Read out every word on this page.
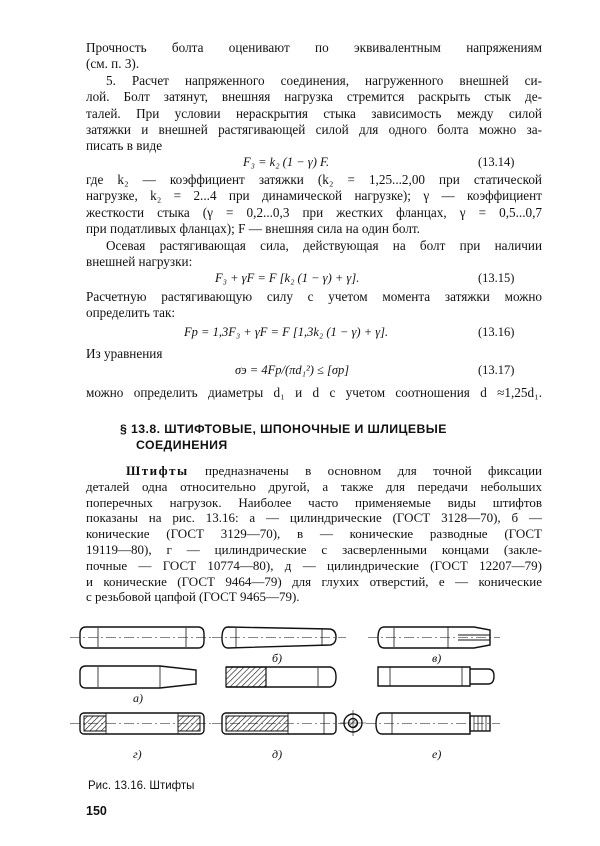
Прочность болта оценивают по эквивалентным напряжениям
(см. п. 3).
5. Расчет напряженного соединения, нагруженного внешней си-
лой. Болт затянут, внешняя нагрузка стремится раскрыть стык де-
талей. При условии нераскрытия стыка зависимость между силой
затяжки и внешней растягивающей силой для одного болта можно за-
писать в виде
F₃ = k₂ (1 − γ) F.	(13.14)
где k₂ — коэффициент затяжки (k₂ = 1,25...2,00 при статической
нагрузке, k₂ = 2...4 при динамической нагрузке); γ — коэффициент
жесткости стыка (γ = 0,2...0,3 при жестких фланцах, γ = 0,5...0,7
при податливых фланцах); F — внешняя сила на один болт.
Осевая растягивающая сила, действующая на болт при наличии
внешней нагрузки:
F₃ + γF = F [k₂ (1 − γ) + γ].	(13.15)
Расчетную растягивающую силу с учетом момента затяжки можно
определить так:
Fр = 1,3F₃ + γF = F [1,3k₂ (1 − γ) + γ].	(13.16)
Из уравнения
σэ = 4Fр/(πd₁²) ≤ [σр]	(13.17)
можно определить диаметры d₁ и d с учетом соотношения d ≈1,25d₁.
§ 13.8. ШТИФТОВЫЕ, ШПОНОЧНЫЕ И ШЛИЦЕВЫЕ
СОЕДИНЕНИЯ
Штифты предназначены в основном для точной фиксации
деталей одна относительно другой, а также для передачи небольших
поперечных нагрузок. Наиболее часто применяемые виды штифтов
показаны на рис. 13.16: а — цилиндрические (ГОСТ 3128—70), б —
конические (ГОСТ 3129—70), в — конические разводные (ГОСТ
19119—80), г — цилиндрические с засверленными концами (закле-
почные — ГОСТ 10774—80), д — цилиндрические (ГОСТ 12207—79)
и конические (ГОСТ 9464—79) для глухих отверстий, е — конические
с резьбовой цапфой (ГОСТ 9465—79).
а)
б)	в)
г)	д)	е)
Рис. 13.16. Штифты
150
